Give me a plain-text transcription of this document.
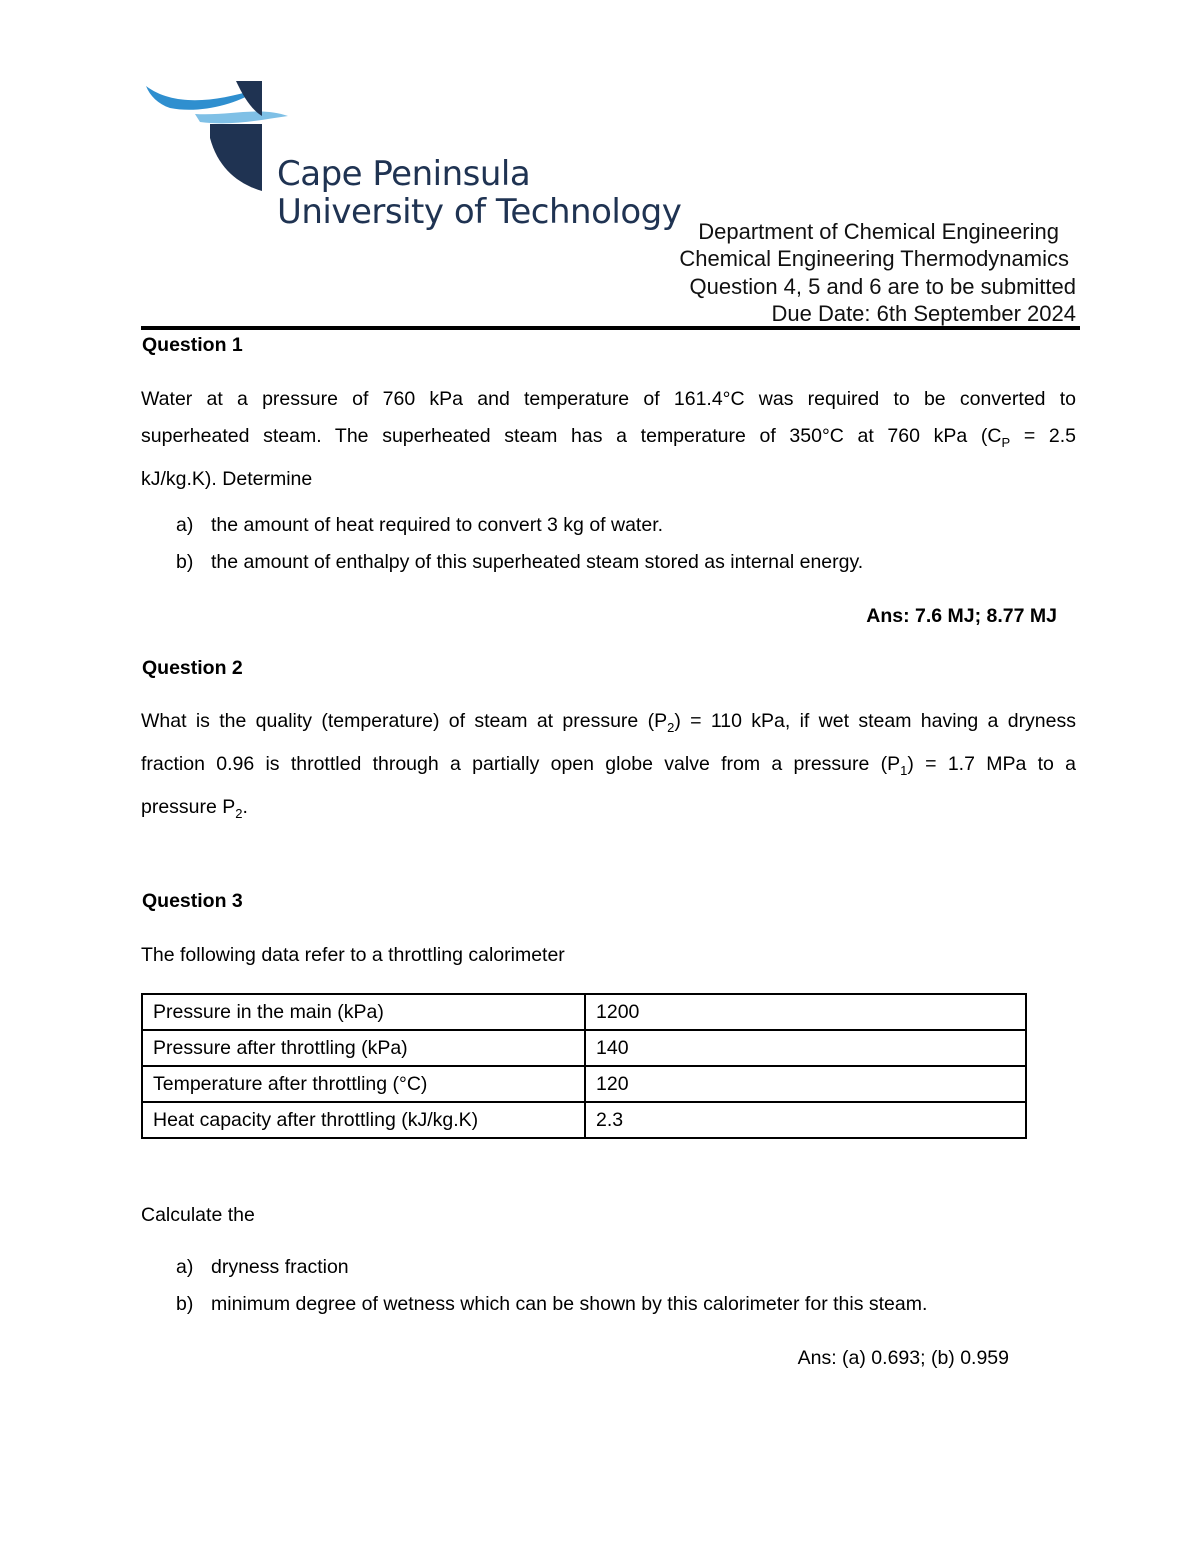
Cape Peninsula
University of Technology Department of Chemical Engineering
Chemical Engineering Thermodynamics
Question 4, 5 and 6 are to be submitted
Due Date: 6th September 2024
Question 1
Water at a pressure of 760 kPa and temperature of 161.4°C was required to be converted to
superheated steam. The superheated steam has a temperature of 350°C at 760 kPa ($C_P = 2.5$
kJ/kg.K). Determine
a) the amount of heat required to convert 3 kg of water.
b) the amount of enthalpy of this superheated steam stored as internal energy.
Ans: 7.6 MJ; 8.77 MJ
Question 2
What is the quality (temperature) of steam at pressure $(P_2) = 110$ kPa, if wet steam having a dryness
fraction 0.96 is throttled through a partially open globe valve from a pressure $(P_1) = 1.7$ MPa to a
pressure $P_2$.
Question 3
The following data refer to a throttling calorimeter
Pressure in the main (kPa)	1200
Pressure after throttling (kPa)	140
Temperature after throttling (°C)	120
Heat capacity after throttling (kJ/kg.K)	2.3
Calculate the
a) dryness fraction
b) minimum degree of wetness which can be shown by this calorimeter for this steam.
Ans: (a) 0.693; (b) 0.959
